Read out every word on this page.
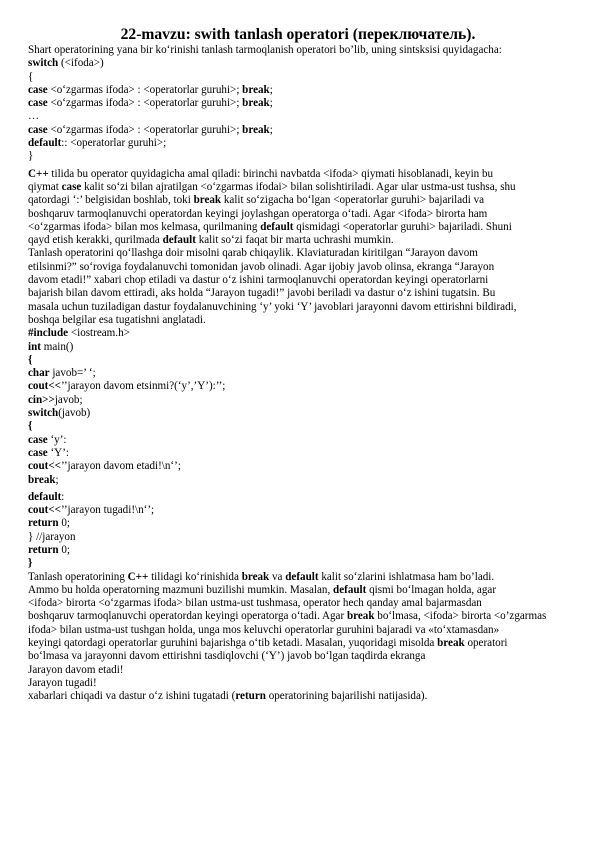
22-mavzu: swith tanlash operatori (переключатель).
Shart operatorining yana bir ko‘rinishi tanlash tarmoqlanish operatori bo’lib, uning sintsksisi quyidagacha:
switch (<ifoda>)
{
case <o‘zgarmas ifoda> : <operatorlar guruhi>; break;
case <o‘zgarmas ifoda> : <operatorlar guruhi>; break;
…
case <o‘zgarmas ifoda> : <operatorlar guruhi>; break;
default:: <operatorlar guruhi>;
}
C++ tilida bu operator quyidagicha amal qiladi: birinchi navbatda <ifoda> qiymati hisoblanadi, keyin bu
qiymat case kalit so‘zi bilan ajratilgan <o‘zgarmas ifodai> bilan solishtiriladi. Agar ular ustma-ust tushsa, shu
qatordagi ‘:’ belgisidan boshlab, toki break kalit so‘zigacha bo‘lgan <operatorlar guruhi> bajariladi va
boshqaruv tarmoqlanuvchi operatordan keyingi joylashgan operatorga o‘tadi. Agar <ifoda> birorta ham
<o‘zgarmas ifoda> bilan mos kelmasa, qurilmaning default qismidagi <operatorlar guruhi> bajariladi. Shuni
qayd etish kerakki, qurilmada default kalit so‘zi faqat bir marta uchrashi mumkin.
Tanlash operatorini qo‘llashga doir misolni qarab chiqaylik. Klaviaturadan kiritilgan “Jarayon davom
etilsinmi?” so‘roviga foydalanuvchi tomonidan javob olinadi. Agar ijobiy javob olinsa, ekranga “Jarayon
davom etadi!” xabari chop etiladi va dastur o‘z ishini tarmoqlanuvchi operatordan keyingi operatorlarni
bajarish bilan davom ettiradi, aks holda “Jarayon tugadi!” javobi beriladi va dastur o‘z ishini tugatsin. Bu
masala uchun tuziladigan dastur foydalanuvchining ‘y’ yoki ‘Y’ javoblari jarayonni davom ettirishni bildiradi,
boshqa belgilar esa tugatishni anglatadi.
#include <iostream.h>
int main()
{
char javob=’ ‘;
cout<<’’jarayon davom etsinmi?(‘y’,’Y’):’’;
cin>>javob;
switch(javob)
{
case ‘y’:
case ‘Y’:
cout<<’’jarayon davom etadi!\n‘’;
break;
default:
cout<<’’jarayon tugadi!\n‘’;
return 0;
} //jarayon
return 0;
}
Tanlash operatorining C++ tilidagi ko‘rinishida break va default kalit so‘zlarini ishlatmasa ham bo’ladi.
Ammo bu holda operatorning mazmuni buzilishi mumkin. Masalan, default qismi bo‘lmagan holda, agar
<ifoda> birorta <o‘zgarmas ifoda> bilan ustma-ust tushmasa, operator hech qanday amal bajarmasdan
boshqaruv tarmoqlanuvchi operatordan keyingi operatorga o‘tadi. Agar break bo‘lmasa, <ifoda> birorta <o’zgarmas
ifoda> bilan ustma-ust tushgan holda, unga mos keluvchi operatorlar guruhini bajaradi va «to‘xtamasdan»
keyingi qatordagi operatorlar guruhini bajarishga o‘tib ketadi. Masalan, yuqoridagi misolda break operatori
bo‘lmasa va jarayonni davom ettirishni tasdiqlovchi (‘Y’) javob bo‘lgan taqdirda ekranga
Jarayon davom etadi!
Jarayon tugadi!
xabarlari chiqadi va dastur o‘z ishini tugatadi (return operatorining bajarilishi natijasida).
